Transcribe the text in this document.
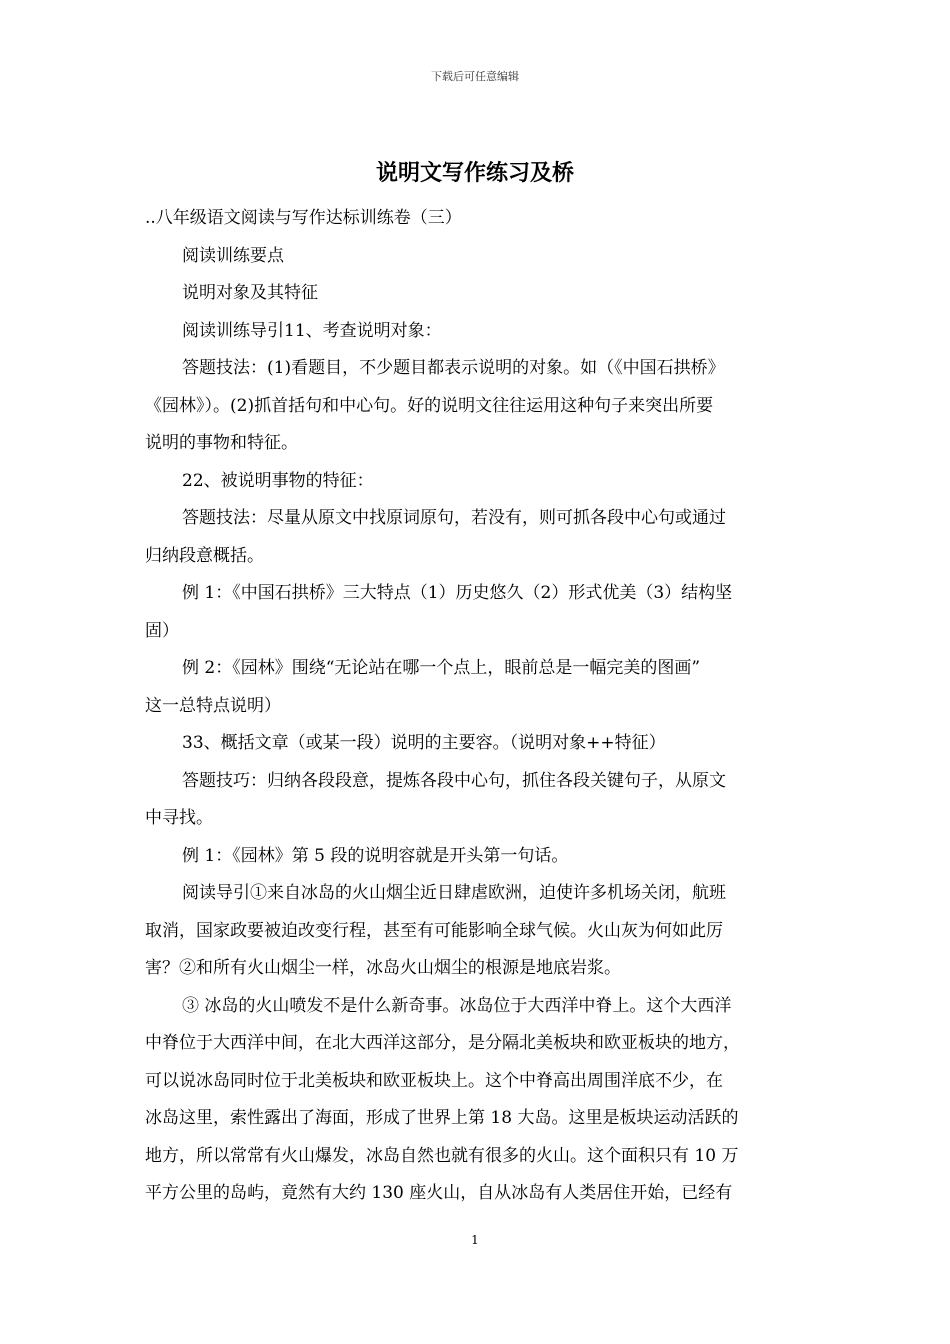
下载后可任意编辑
说明文写作练习及桥

..八年级语文阅读与写作达标训练卷（三）

阅读训练要点

说明对象及其特征

阅读训练导引11、考查说明对象：

答题技法：(1)看题目，不少题目都表示说明的对象。如（《中国石拱桥》

《园林》）。(2)抓首括句和中心句。好的说明文往往运用这种句子来突出所要

说明的事物和特征。

22、被说明事物的特征：

答题技法：尽量从原文中找原词原句，若没有，则可抓各段中心句或通过

归纳段意概括。

例 1：《中国石拱桥》三大特点（1）历史悠久（2）形式优美（3）结构坚

固）

例 2：《园林》围绕“无论站在哪一个点上，眼前总是一幅完美的图画”

这一总特点说明）

33、概括文章（或某一段）说明的主要容。（说明对象++特征）

答题技巧：归纳各段段意，提炼各段中心句，抓住各段关键句子，从原文

中寻找。

例 1：《园林》第 5 段的说明容就是开头第一句话。

阅读导引①来自冰岛的火山烟尘近日肆虐欧洲，迫使许多机场关闭，航班

取消，国家政要被迫改变行程，甚至有可能影响全球气候。火山灰为何如此厉

害？②和所有火山烟尘一样，冰岛火山烟尘的根源是地底岩浆。

③ 冰岛的火山喷发不是什么新奇事。冰岛位于大西洋中脊上。这个大西洋

中脊位于大西洋中间，在北大西洋这部分，是分隔北美板块和欧亚板块的地方，

可以说冰岛同时位于北美板块和欧亚板块上。这个中脊高出周围洋底不少，在

冰岛这里，索性露出了海面，形成了世界上第 18 大岛。这里是板块运动活跃的

地方，所以常常有火山爆发，冰岛自然也就有很多的火山。这个面积只有 10 万

平方公里的岛屿，竟然有大约 130 座火山，自从冰岛有人类居住开始，已经有

1
